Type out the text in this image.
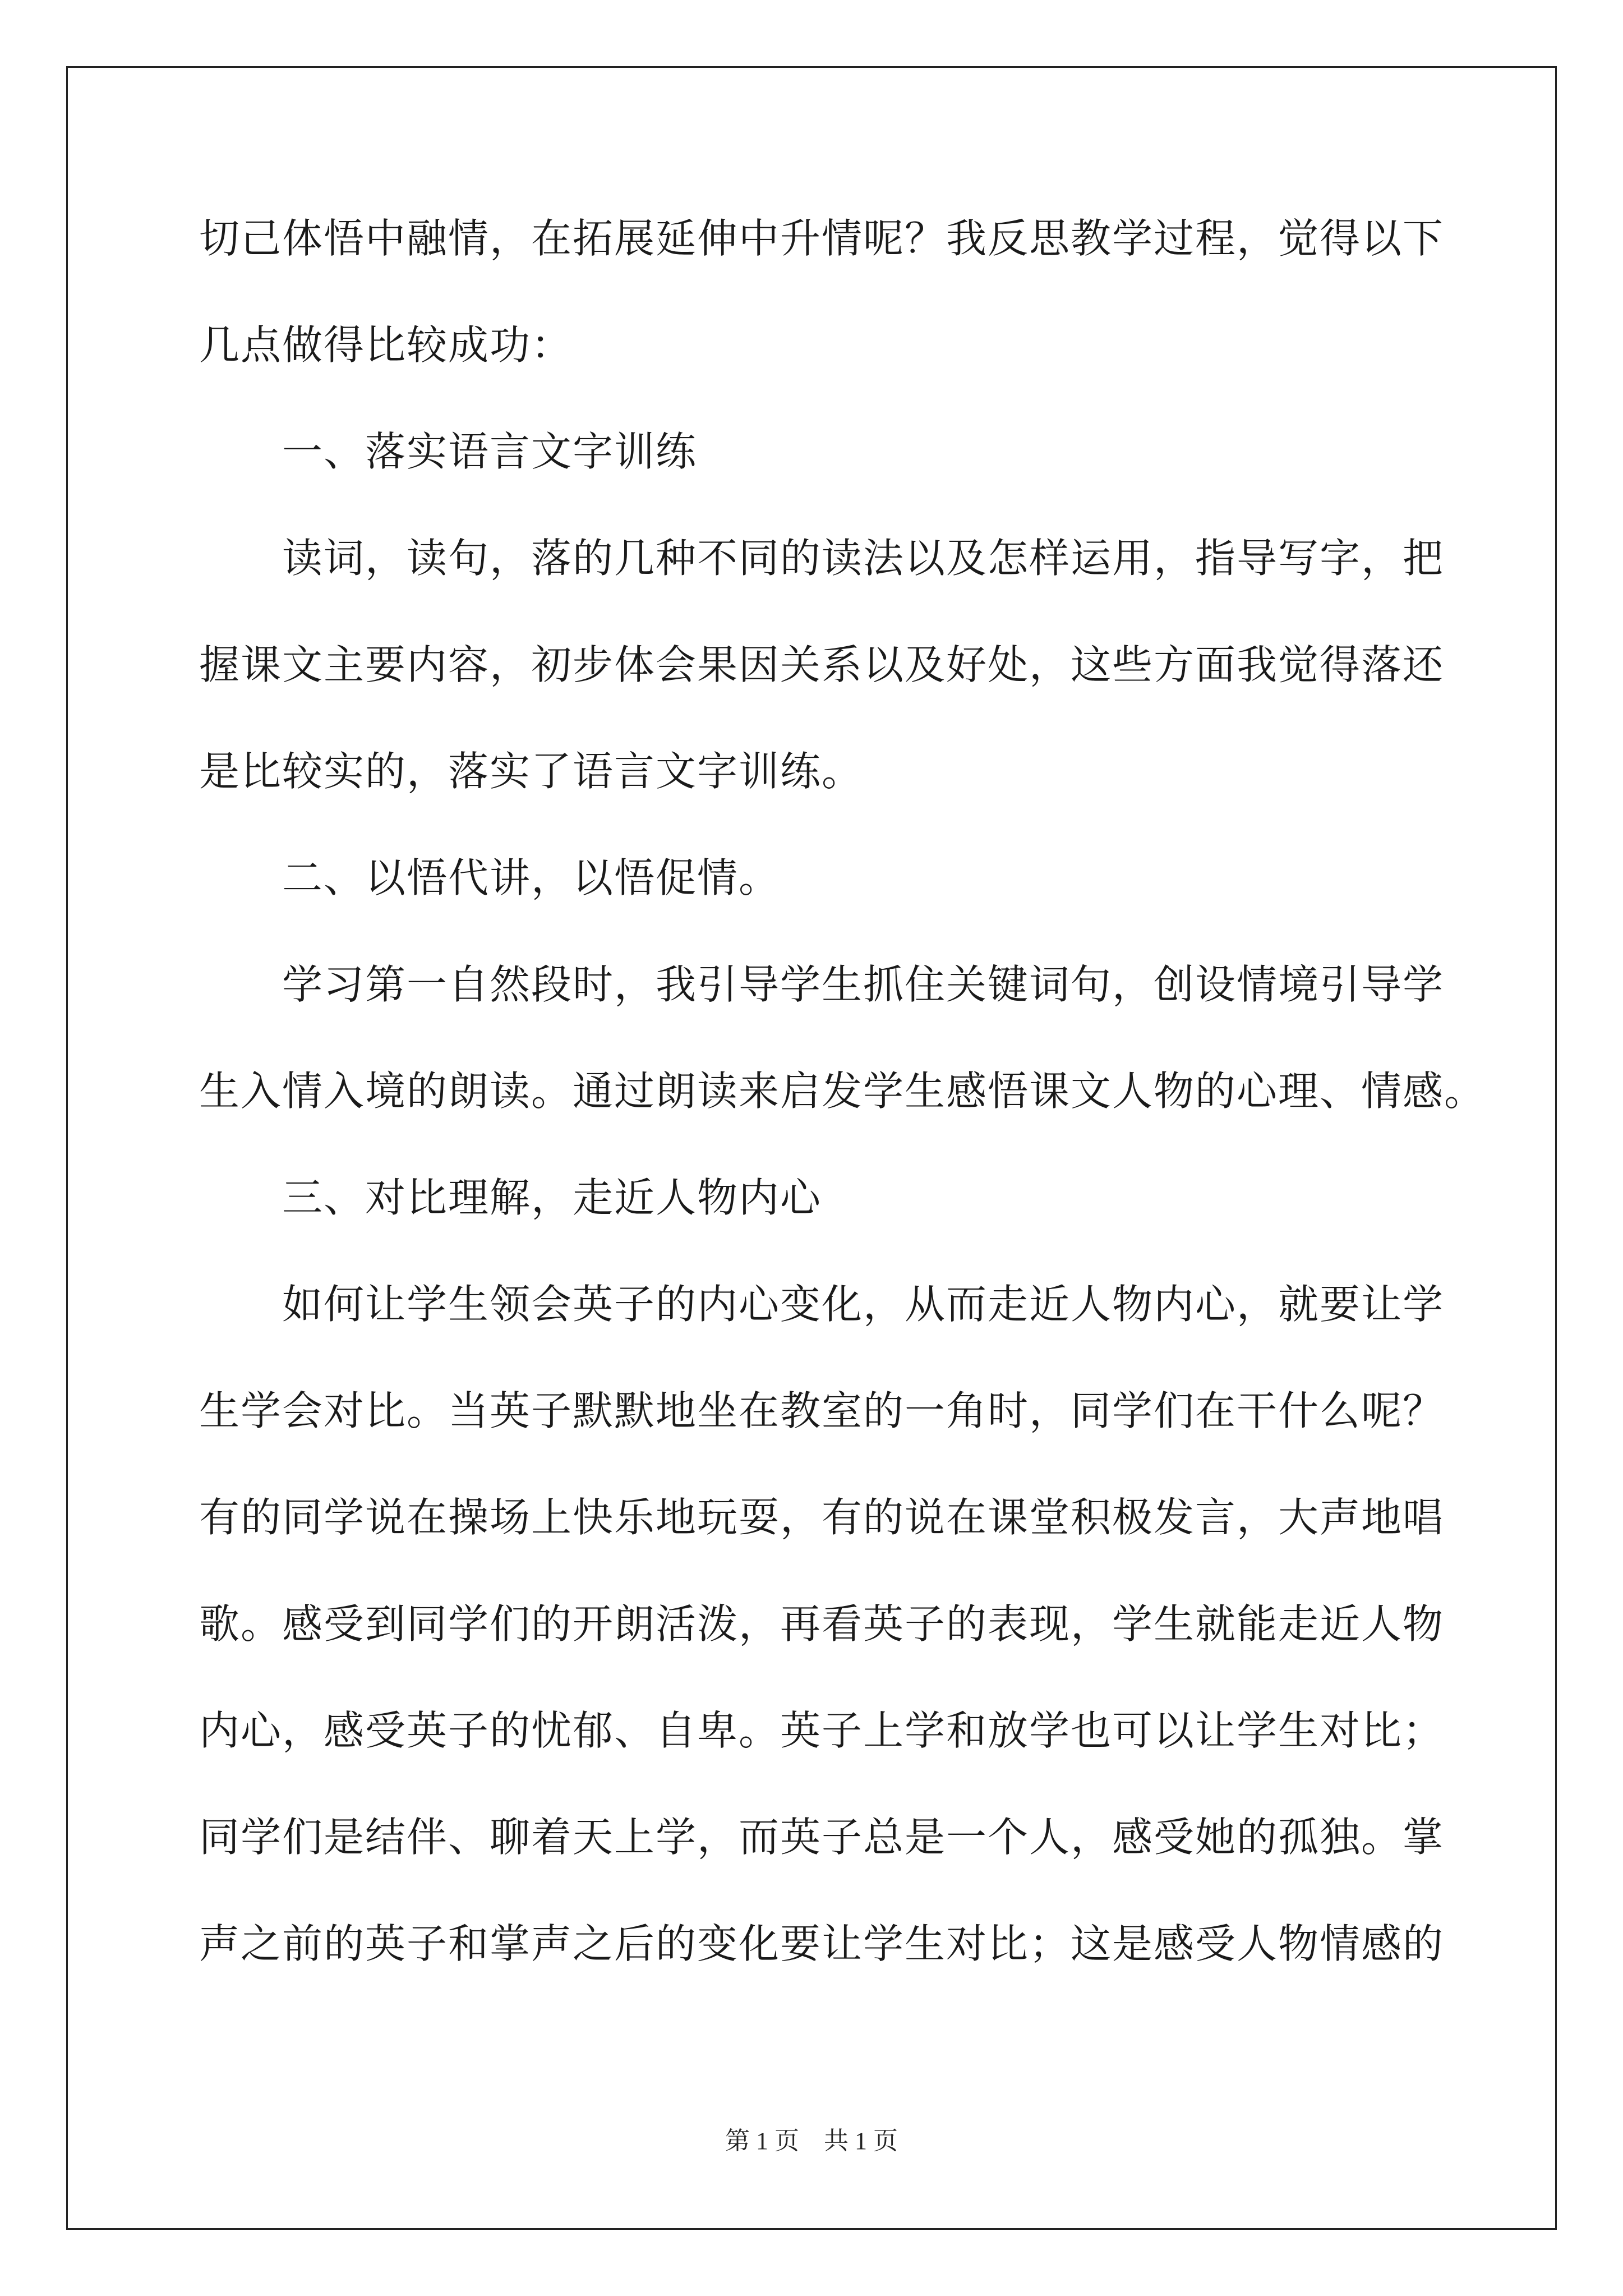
切己体悟中融情，在拓展延伸中升情呢？我反思教学过程，觉得以下
几点做得比较成功：
　　一、落实语言文字训练
　　读词，读句，落的几种不同的读法以及怎样运用，指导写字，把
握课文主要内容，初步体会果因关系以及好处，这些方面我觉得落还
是比较实的，落实了语言文字训练。
　　二、以悟代讲，以悟促情。
　　学习第一自然段时，我引导学生抓住关键词句，创设情境引导学
生入情入境的朗读。通过朗读来启发学生感悟课文人物的心理、情感。
　　三、对比理解，走近人物内心
　　如何让学生领会英子的内心变化，从而走近人物内心，就要让学
生学会对比。当英子默默地坐在教室的一角时，同学们在干什么呢？
有的同学说在操场上快乐地玩耍，有的说在课堂积极发言，大声地唱
歌。感受到同学们的开朗活泼，再看英子的表现，学生就能走近人物
内心，感受英子的忧郁、自卑。英子上学和放学也可以让学生对比；
同学们是结伴、聊着天上学，而英子总是一个人，感受她的孤独。掌
声之前的英子和掌声之后的变化要让学生对比；这是感受人物情感的
第 1 页　共 1 页
